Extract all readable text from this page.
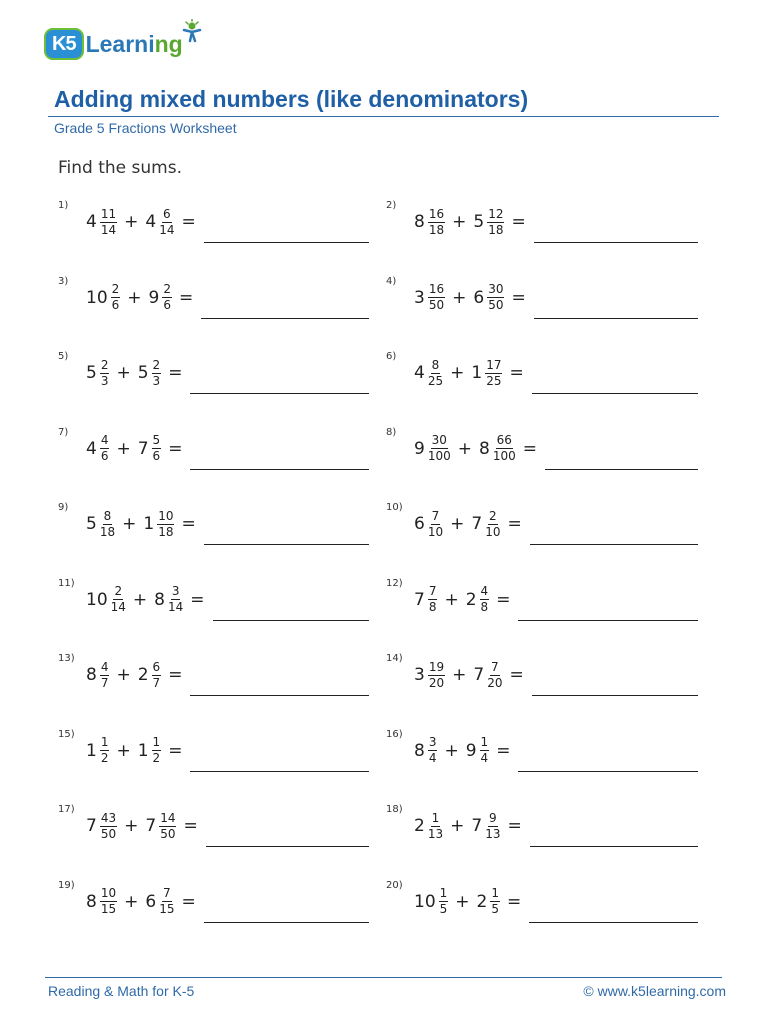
K5 Learning
Adding mixed numbers (like denominators)
Grade 5 Fractions Worksheet
Find the sums.
1)
$4 \frac{11}{14} + 4 \frac{6}{14}$ =
2)
$8 \frac{16}{18} + 5 \frac{12}{18}$ =
3)
$10 \frac{2}{6} + 9 \frac{2}{6}$ =
4)
$3 \frac{16}{50} + 6 \frac{30}{50}$ =
5)
$5 \frac{2}{3} + 5 \frac{2}{3}$ =
6)
$4 \frac{8}{25} + 1 \frac{17}{25}$ =
7)
$4 \frac{4}{6} + 7 \frac{5}{6}$ =
8)
$9 \frac{30}{100} + 8 \frac{66}{100}$ =
9)
$5 \frac{8}{18} + 1 \frac{10}{18}$ =
10)
$6 \frac{7}{10} + 7 \frac{2}{10}$ =
11)
$10 \frac{2}{14} + 8 \frac{3}{14}$ =
12)
$7 \frac{7}{8} + 2 \frac{4}{8}$ =
13)
$8 \frac{4}{7} + 2 \frac{6}{7}$ =
14)
$3 \frac{19}{20} + 7 \frac{7}{20}$ =
15)
$1 \frac{1}{2} + 1 \frac{1}{2}$ =
16)
$8 \frac{3}{4} + 9 \frac{1}{4}$ =
17)
$7 \frac{43}{50} + 7 \frac{14}{50}$ =
18)
$2 \frac{1}{13} + 7 \frac{9}{13}$ =
19)
$8 \frac{10}{15} + 6 \frac{7}{15}$ =
20)
$10 \frac{1}{5} + 2 \frac{1}{5}$ =
Reading & Math for K-5	© www.k5learning.com
